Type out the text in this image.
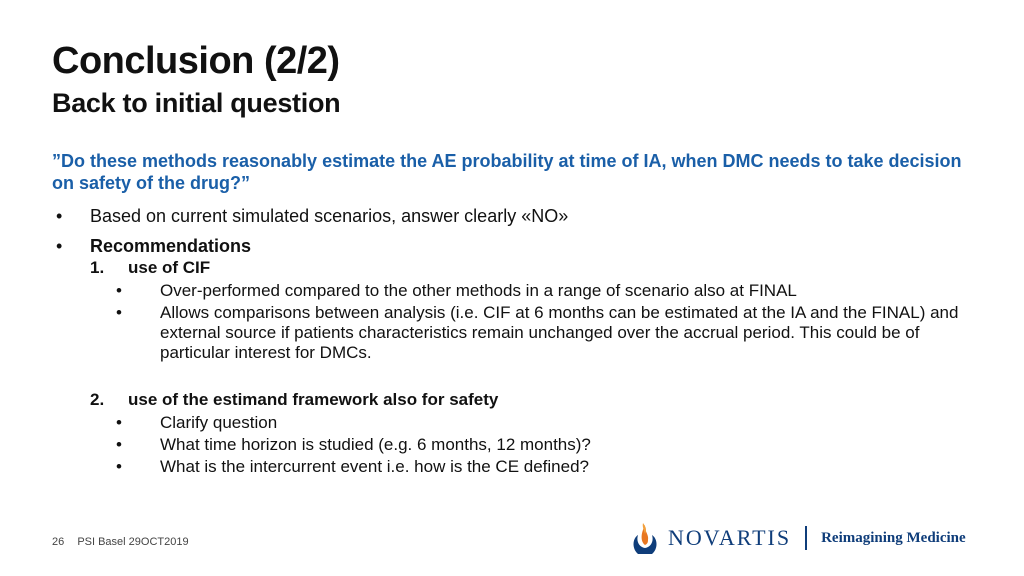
Conclusion (2/2)
Back to initial question
”Do these methods reasonably estimate the AE probability at time of IA, when DMC needs to take decision on safety of the drug?”
• Based on current simulated scenarios, answer clearly «NO»
• Recommendations
1. use of CIF
• Over-performed compared to the other methods in a range of scenario also at FINAL
• Allows comparisons between analysis (i.e. CIF at 6 months can be estimated at the IA and the FINAL) and external source if patients characteristics remain unchanged over the accrual period. This could be of particular interest for DMCs.
2. use of the estimand framework also for safety
• Clarify question
• What time horizon is studied (e.g. 6 months, 12 months)?
• What is the intercurrent event i.e. how is the CE defined?
26 PSI Basel 29OCT2019	NOVARTIS Reimagining Medicine
